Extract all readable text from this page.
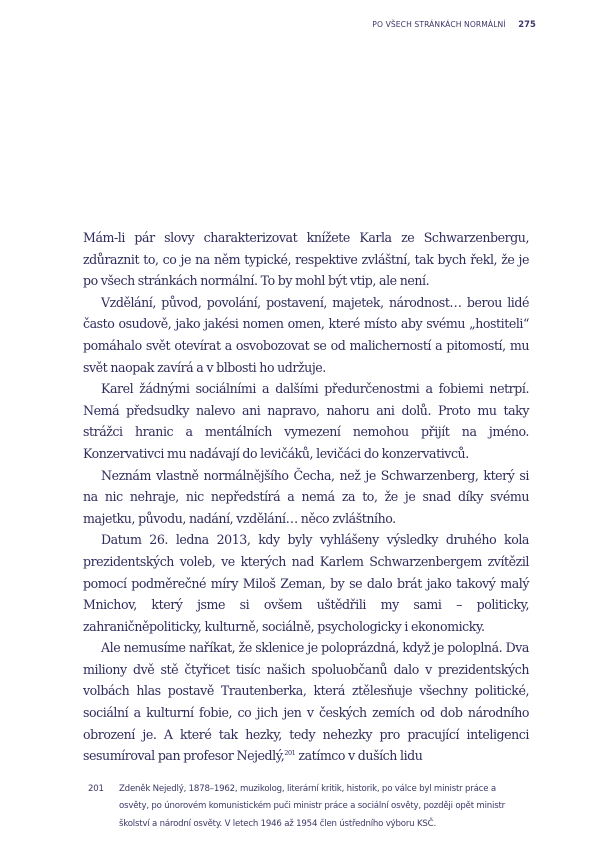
PO VŠECH STRÁNKÁCH NORMÁLNÍ 275

Mám-li pár slovy charakterizovat knížete Karla ze Schwarzenbergu, zdůraznit to, co je na něm typické, respektive zvláštní, tak bych řekl, že je po všech stránkách normální. To by mohl být vtip, ale není.

Vzdělání, původ, povolání, postavení, majetek, národnost… berou lidé často osudově, jako jakési nomen omen, které místo aby svému „hostiteli“ pomáhalo svět otevírat a osvobozovat se od malicherností a pitomostí, mu svět naopak zavírá a v blbosti ho udržuje.

Karel žádnými sociálními a dalšími předurčenostmi a fobiemi netrpí. Nemá předsudky nalevo ani napravo, nahoru ani dolů. Proto mu taky strážci hranic a mentálních vymezení nemohou přijít na jméno. Konzervativci mu nadávají do levičáků, levičáci do konzervativců.

Neznám vlastně normálnějšího Čecha, než je Schwarzenberg, který si na nic nehraje, nic nepředstírá a nemá za to, že je snad díky svému majetku, původu, nadání, vzdělání… něco zvláštního.

Datum 26. ledna 2013, kdy byly vyhlášeny výsledky druhého kola prezidentských voleb, ve kterých nad Karlem Schwarzenbergem zvítězil pomocí podměrečné míry Miloš Zeman, by se dalo brát jako takový malý Mnichov, který jsme si ovšem uštědřili my sami – politicky, zahraničněpoliticky, kulturně, sociálně, psychologicky i ekonomicky.

Ale nemusíme naříkat, že sklenice je poloprázdná, když je poloplná. Dva miliony dvě stě čtyřicet tisíc našich spoluobčanů dalo v prezidentských volbách hlas postavě Trautenberka, která ztělesňuje všechny politické, sociální a kulturní fobie, co jich jen v českých zemích od dob národního obrození je. A které tak hezky, tedy nehezky pro pracující inteligenci sesumíroval pan profesor Nejedlý,$^{201}$ zatímco v duších lidu

201 Zdeněk Nejedlý, 1878–1962, muzikolog, literární kritik, historik, po válce byl ministr práce a osvěty, po únorovém komunistickém puči ministr práce a sociální osvěty, později opět ministr školství a národní osvěty. V letech 1946 až 1954 člen ústředního výboru KSČ.
